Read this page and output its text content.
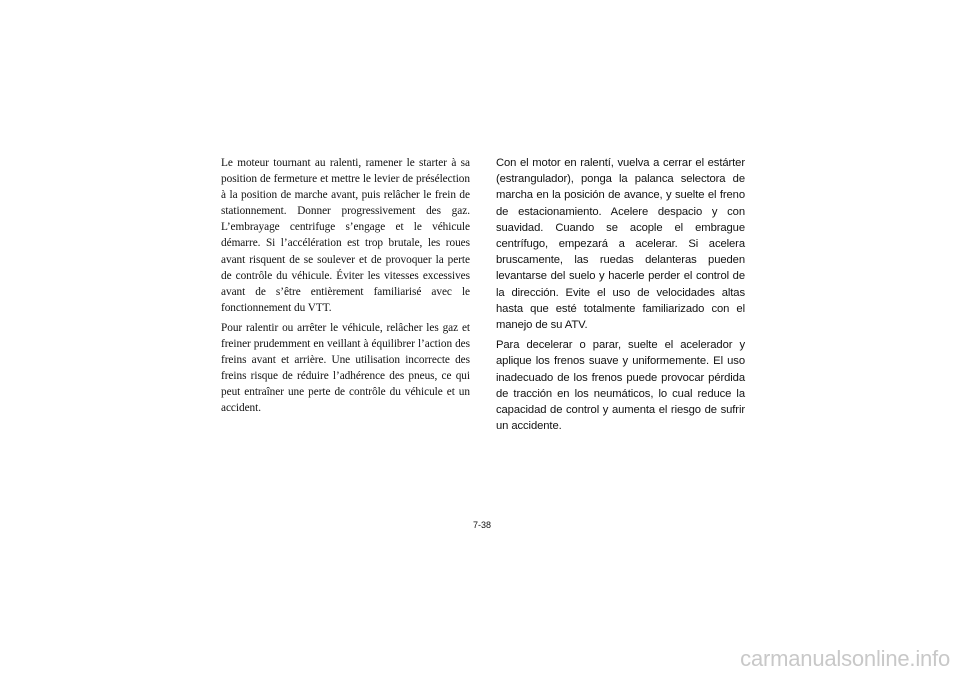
Le moteur tournant au ralenti, ramener le starter à sa position de fermeture et mettre le levier de présélection à la position de marche avant, puis relâcher le frein de stationnement. Donner progressivement des gaz. L’embrayage centrifuge s’engage et le véhicule démarre. Si l’accélération est trop brutale, les roues avant risquent de se soulever et de provoquer la perte de contrôle du véhicule. Éviter les vitesses excessives avant de s’être entièrement familiarisé avec le fonctionnement du VTT.

Pour ralentir ou arrêter le véhicule, relâcher les gaz et freiner prudemment en veillant à équilibrer l’action des freins avant et arrière. Une utilisation incorrecte des freins risque de réduire l’adhérence des pneus, ce qui peut entraîner une perte de contrôle du véhicule et un accident.

Con el motor en ralentí, vuelva a cerrar el estárter (estrangulador), ponga la palanca selectora de marcha en la posición de avance, y suelte el freno de estacionamiento. Acelere despacio y con suavidad. Cuando se acople el embrague centrífugo, empezará a acelerar. Si acelera bruscamente, las ruedas delanteras pueden levantarse del suelo y hacerle perder el control de la dirección. Evite el uso de velocidades altas hasta que esté totalmente familiarizado con el manejo de su ATV.

Para decelerar o parar, suelte el acelerador y aplique los frenos suave y uniformemente. El uso inadecuado de los frenos puede provocar pérdida de tracción en los neumáticos, lo cual reduce la capacidad de control y aumenta el riesgo de sufrir un accidente.

7-38
carmanualsonline.info
